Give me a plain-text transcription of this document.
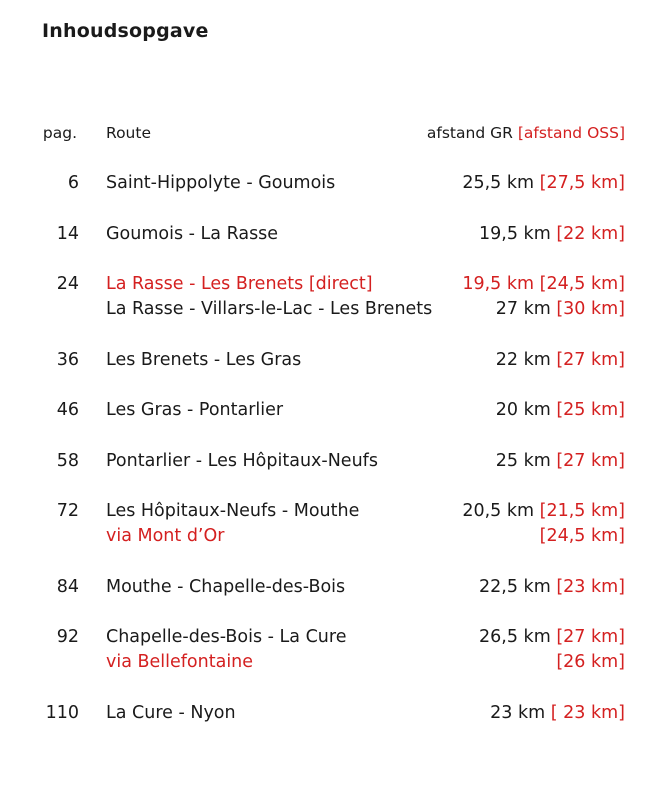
Inhoudsopgave
pag. Route	afstand GR [afstand OSS]
6 Saint-Hippolyte - Goumois	25,5 km [27,5 km]
14 Goumois - La Rasse	19,5 km [22 km]
24 La Rasse - Les Brenets [direct]	19,5 km [24,5 km]
La Rasse - Villars-le-Lac - Les Brenets	27 km [30 km]
36 Les Brenets - Les Gras	22 km [27 km]
46 Les Gras - Pontarlier	20 km [25 km]
58 Pontarlier - Les Hôpitaux-Neufs	25 km [27 km]
72 Les Hôpitaux-Neufs - Mouthe	20,5 km [21,5 km]
via Mont d’Or	[24,5 km]
84 Mouthe - Chapelle-des-Bois	22,5 km [23 km]
92 Chapelle-des-Bois - La Cure	26,5 km [27 km]
via Bellefontaine	[26 km]
110 La Cure - Nyon	23 km [ 23 km]
